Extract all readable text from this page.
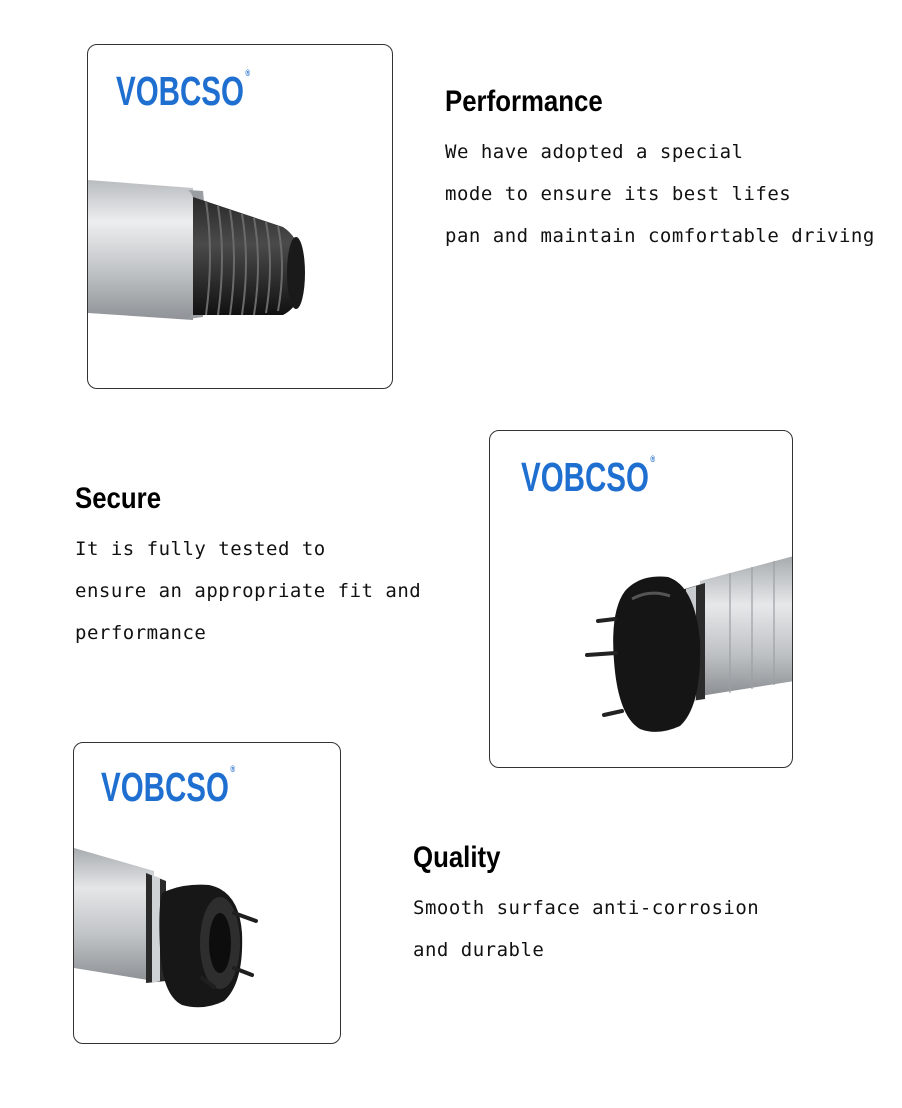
VOBCSO®
Performance

We have adopted a special

mode to ensure its best lifes

pan and maintain comfortable driving

VOBCSO®
Secure

It is fully tested to

ensure an appropriate fit and

performance

VOBCSO®
Quality

Smooth surface anti-corrosion

and durable
